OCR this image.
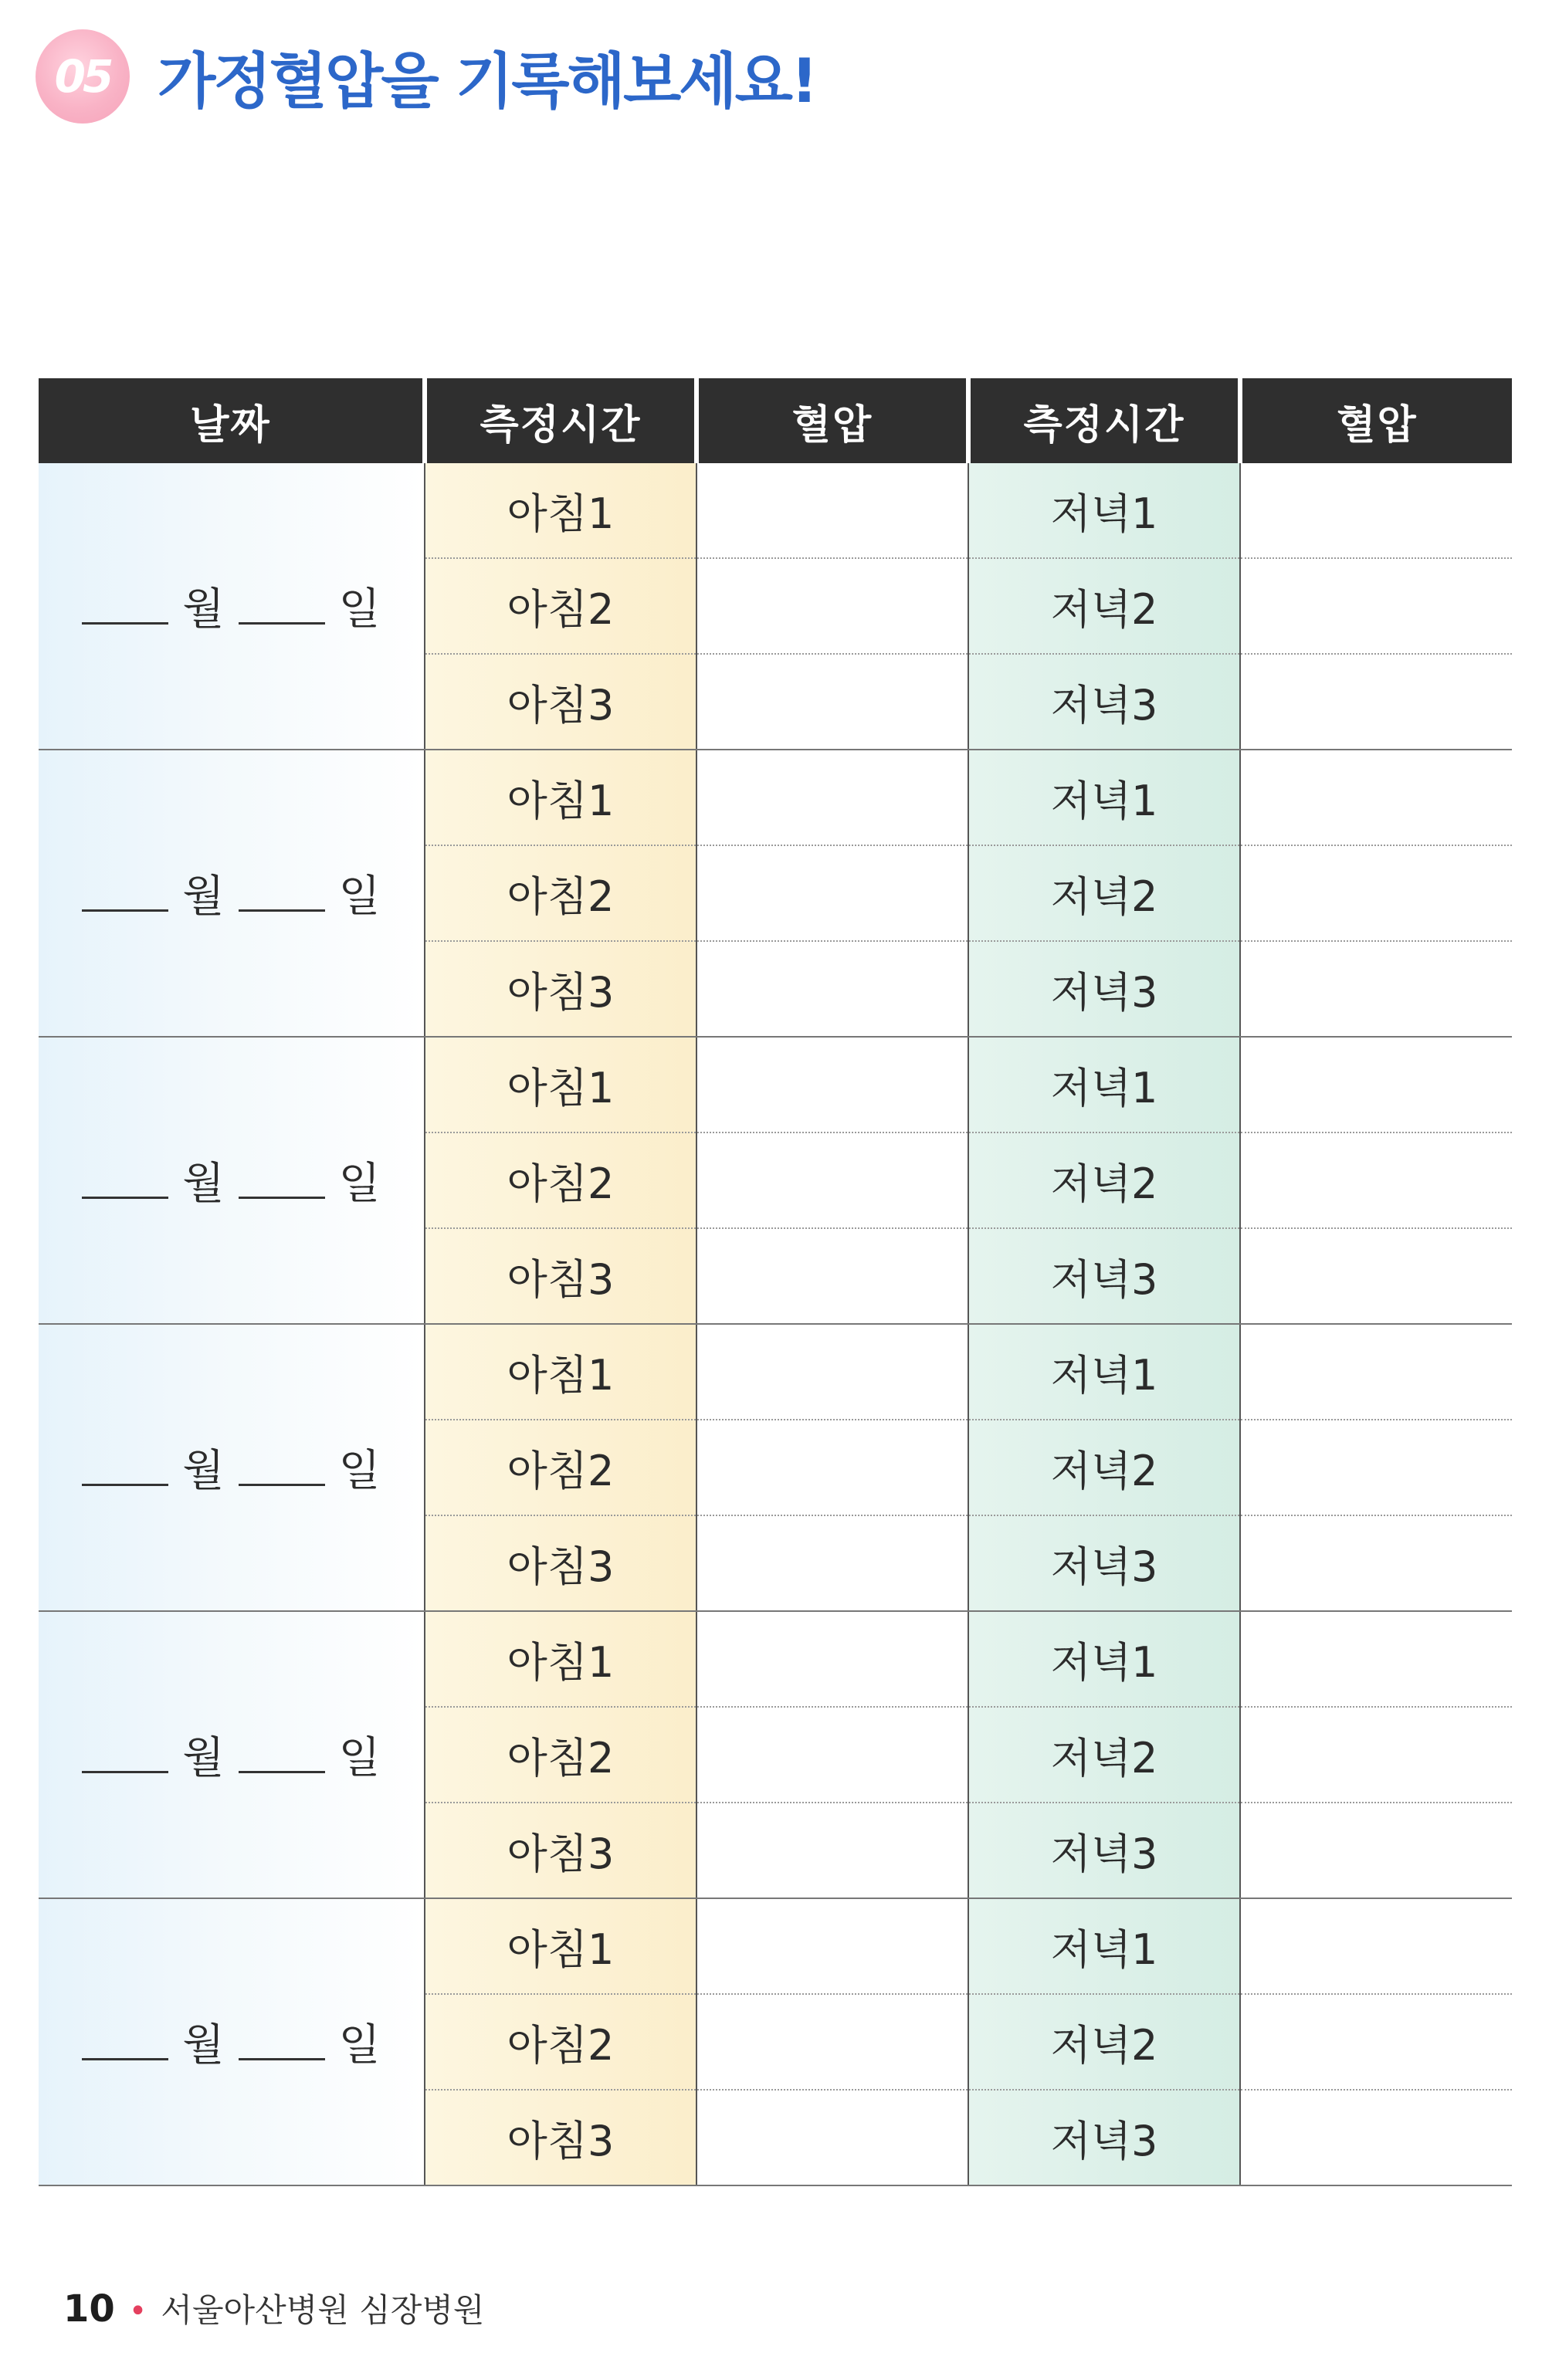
05 가정혈압을 기록해보세요!
날짜	측정시간	혈압	측정시간	혈압

월 일	아침1		저녁1	
	아침2		저녁2	
	아침3		저녁3	

월 일	아침1		저녁1	
	아침2		저녁2	
	아침3		저녁3	

월 일	아침1		저녁1	
	아침2		저녁2	
	아침3		저녁3	

월 일	아침1		저녁1	
	아침2		저녁2	
	아침3		저녁3	

월 일	아침1		저녁1	
	아침2		저녁2	
	아침3		저녁3	

월 일	아침1		저녁1	
	아침2		저녁2	
	아침3		저녁3	
10 • 서울아산병원 심장병원
